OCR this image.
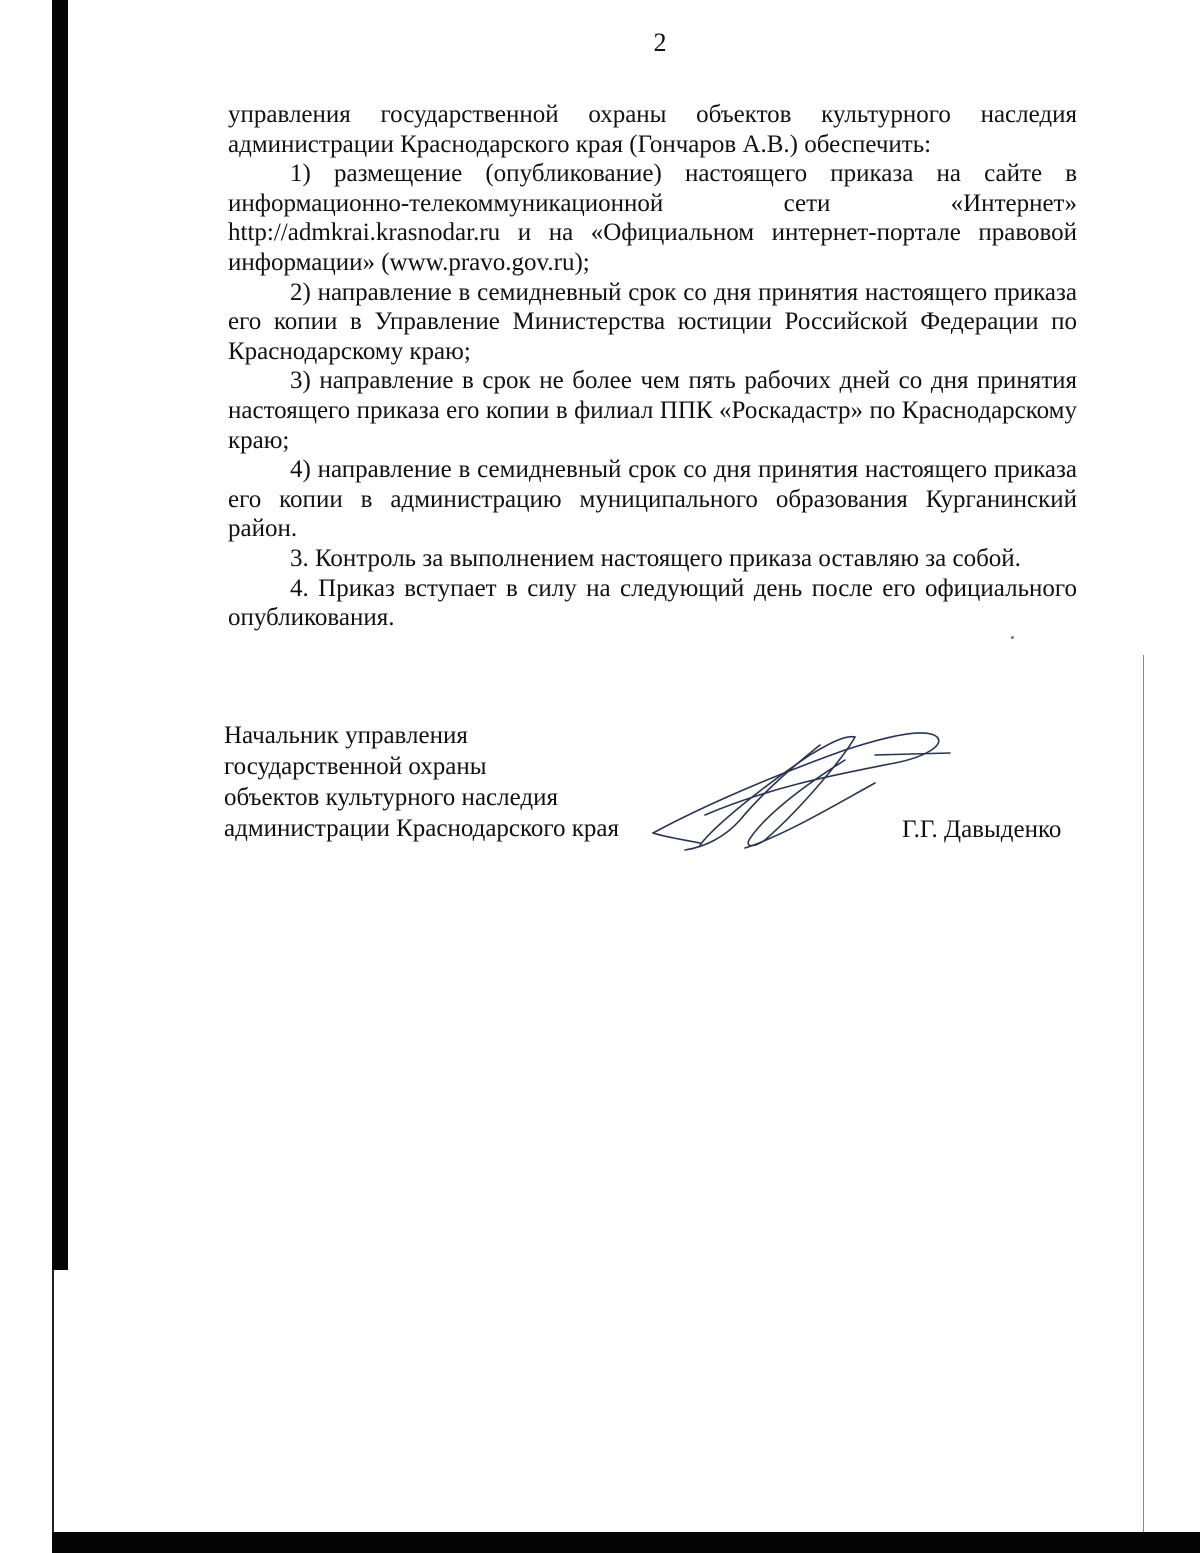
2

управления государственной охраны объектов культурного наследия администрации Краснодарского края (Гончаров А.В.) обеспечить:

1) размещение (опубликование) настоящего приказа на сайте в информационно-телекоммуникационной сети «Интернет» http://admkrai.krasnodar.ru и на «Официальном интернет-портале правовой информации» (www.pravo.gov.ru);

2) направление в семидневный срок со дня принятия настоящего приказа его копии в Управление Министерства юстиции Российской Федерации по Краснодарскому краю;

3) направление в срок не более чем пять рабочих дней со дня принятия настоящего приказа его копии в филиал ППК «Роскадастр» по Краснодарскому краю;

4) направление в семидневный срок со дня принятия настоящего приказа его копии в администрацию муниципального образования Курганинский район.

3. Контроль за выполнением настоящего приказа оставляю за собой.

4. Приказ вступает в силу на следующий день после его официального опубликования.

Начальник управления
государственной охраны
объектов культурного наследия
администрации Краснодарского края	Г.Г. Давыденко
